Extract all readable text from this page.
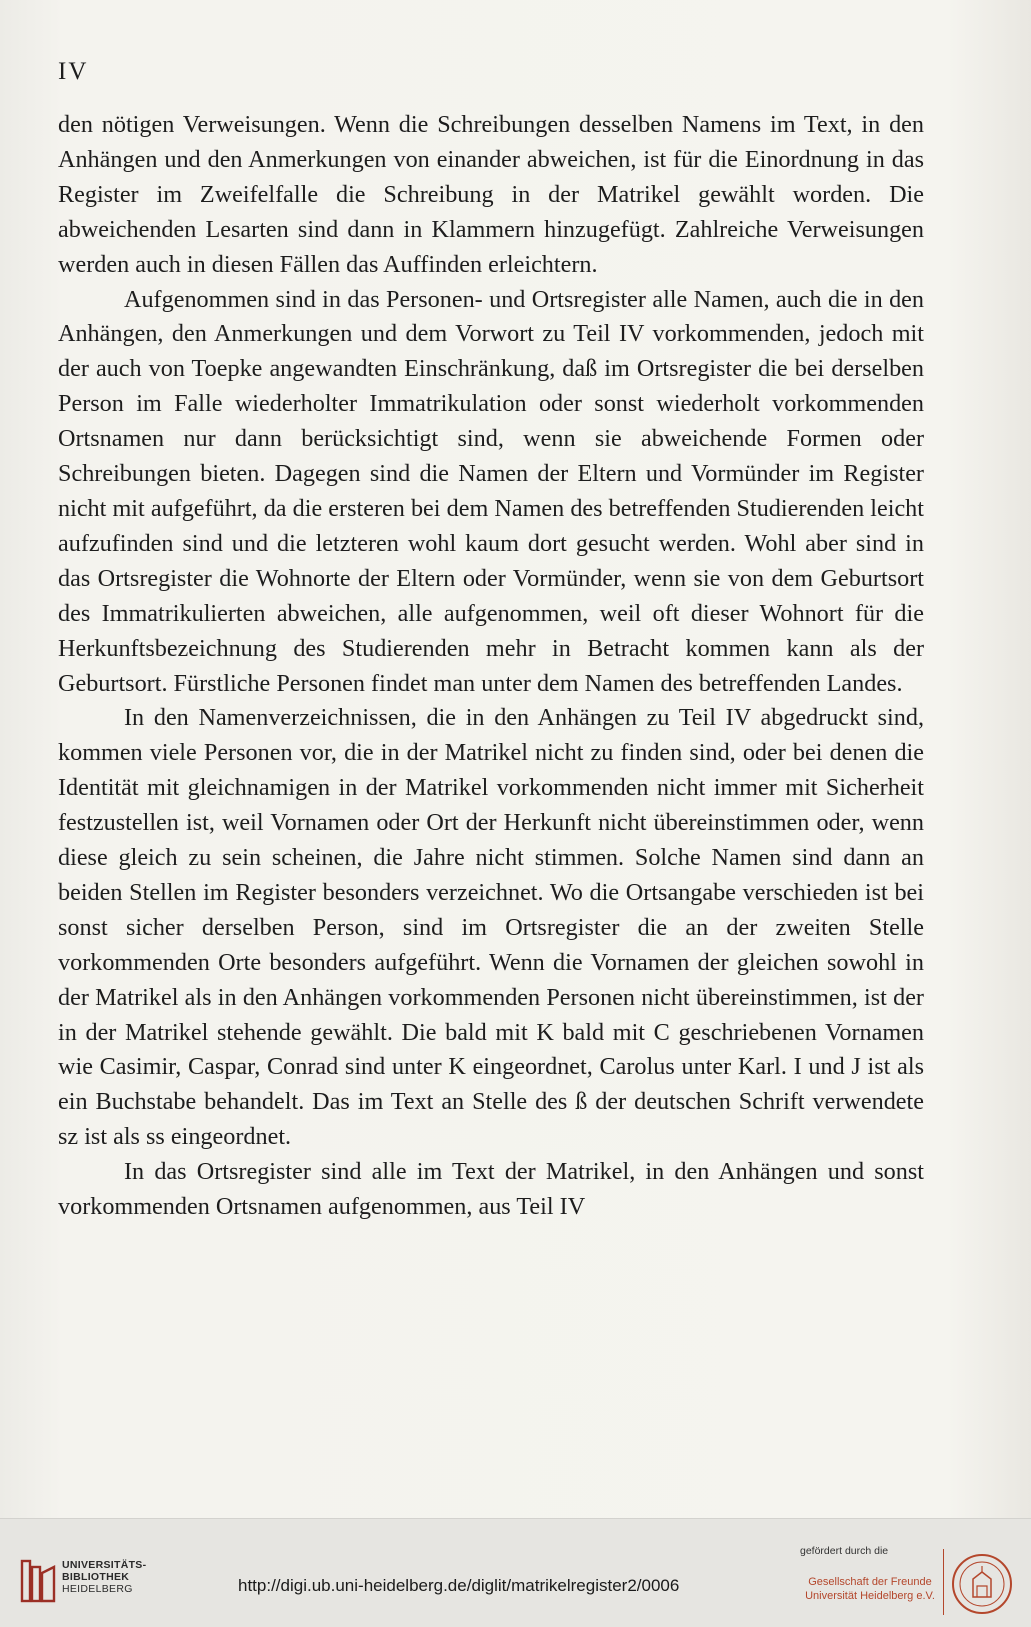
IV

den nötigen Verweisungen. Wenn die Schreibungen desselben Namens im Text, in den Anhängen und den Anmerkungen von einander abweichen, ist für die Einordnung in das Register im Zweifelfalle die Schreibung in der Matrikel gewählt worden. Die abweichenden Lesarten sind dann in Klammern hinzugefügt. Zahlreiche Verweisungen werden auch in diesen Fällen das Auffinden erleichtern.

Aufgenommen sind in das Personen- und Ortsregister alle Namen, auch die in den Anhängen, den Anmerkungen und dem Vorwort zu Teil IV vorkommenden, jedoch mit der auch von Toepke angewandten Einschränkung, daß im Ortsregister die bei derselben Person im Falle wiederholter Immatrikulation oder sonst wiederholt vorkommenden Ortsnamen nur dann berücksichtigt sind, wenn sie abweichende Formen oder Schreibungen bieten. Dagegen sind die Namen der Eltern und Vormünder im Register nicht mit aufgeführt, da die ersteren bei dem Namen des betreffenden Studierenden leicht aufzufinden sind und die letzteren wohl kaum dort gesucht werden. Wohl aber sind in das Ortsregister die Wohnorte der Eltern oder Vormünder, wenn sie von dem Geburtsort des Immatrikulierten abweichen, alle aufgenommen, weil oft dieser Wohnort für die Herkunftsbezeichnung des Studierenden mehr in Betracht kommen kann als der Geburtsort. Fürstliche Personen findet man unter dem Namen des betreffenden Landes.

In den Namenverzeichnissen, die in den Anhängen zu Teil IV abgedruckt sind, kommen viele Personen vor, die in der Matrikel nicht zu finden sind, oder bei denen die Identität mit gleichnamigen in der Matrikel vorkommenden nicht immer mit Sicherheit festzustellen ist, weil Vornamen oder Ort der Herkunft nicht übereinstimmen oder, wenn diese gleich zu sein scheinen, die Jahre nicht stimmen. Solche Namen sind dann an beiden Stellen im Register besonders verzeichnet. Wo die Ortsangabe verschieden ist bei sonst sicher derselben Person, sind im Ortsregister die an der zweiten Stelle vorkommenden Orte besonders aufgeführt. Wenn die Vornamen der gleichen sowohl in der Matrikel als in den Anhängen vorkommenden Personen nicht übereinstimmen, ist der in der Matrikel stehende gewählt. Die bald mit K bald mit C geschriebenen Vornamen wie Casimir, Caspar, Conrad sind unter K eingeordnet, Carolus unter Karl. I und J ist als ein Buchstabe behandelt. Das im Text an Stelle des ß der deutschen Schrift verwendete sz ist als ss eingeordnet.

In das Ortsregister sind alle im Text der Matrikel, in den Anhängen und sonst vorkommenden Ortsnamen aufgenommen, aus Teil IV

UNIVERSITÄTS-
BIBLIOTHEK
HEIDELBERG	http://digi.ub.uni-heidelberg.de/diglit/matrikelregister2/0006
gefördert durch die
Gesellschaft der Freunde
Universität Heidelberg e.V.
